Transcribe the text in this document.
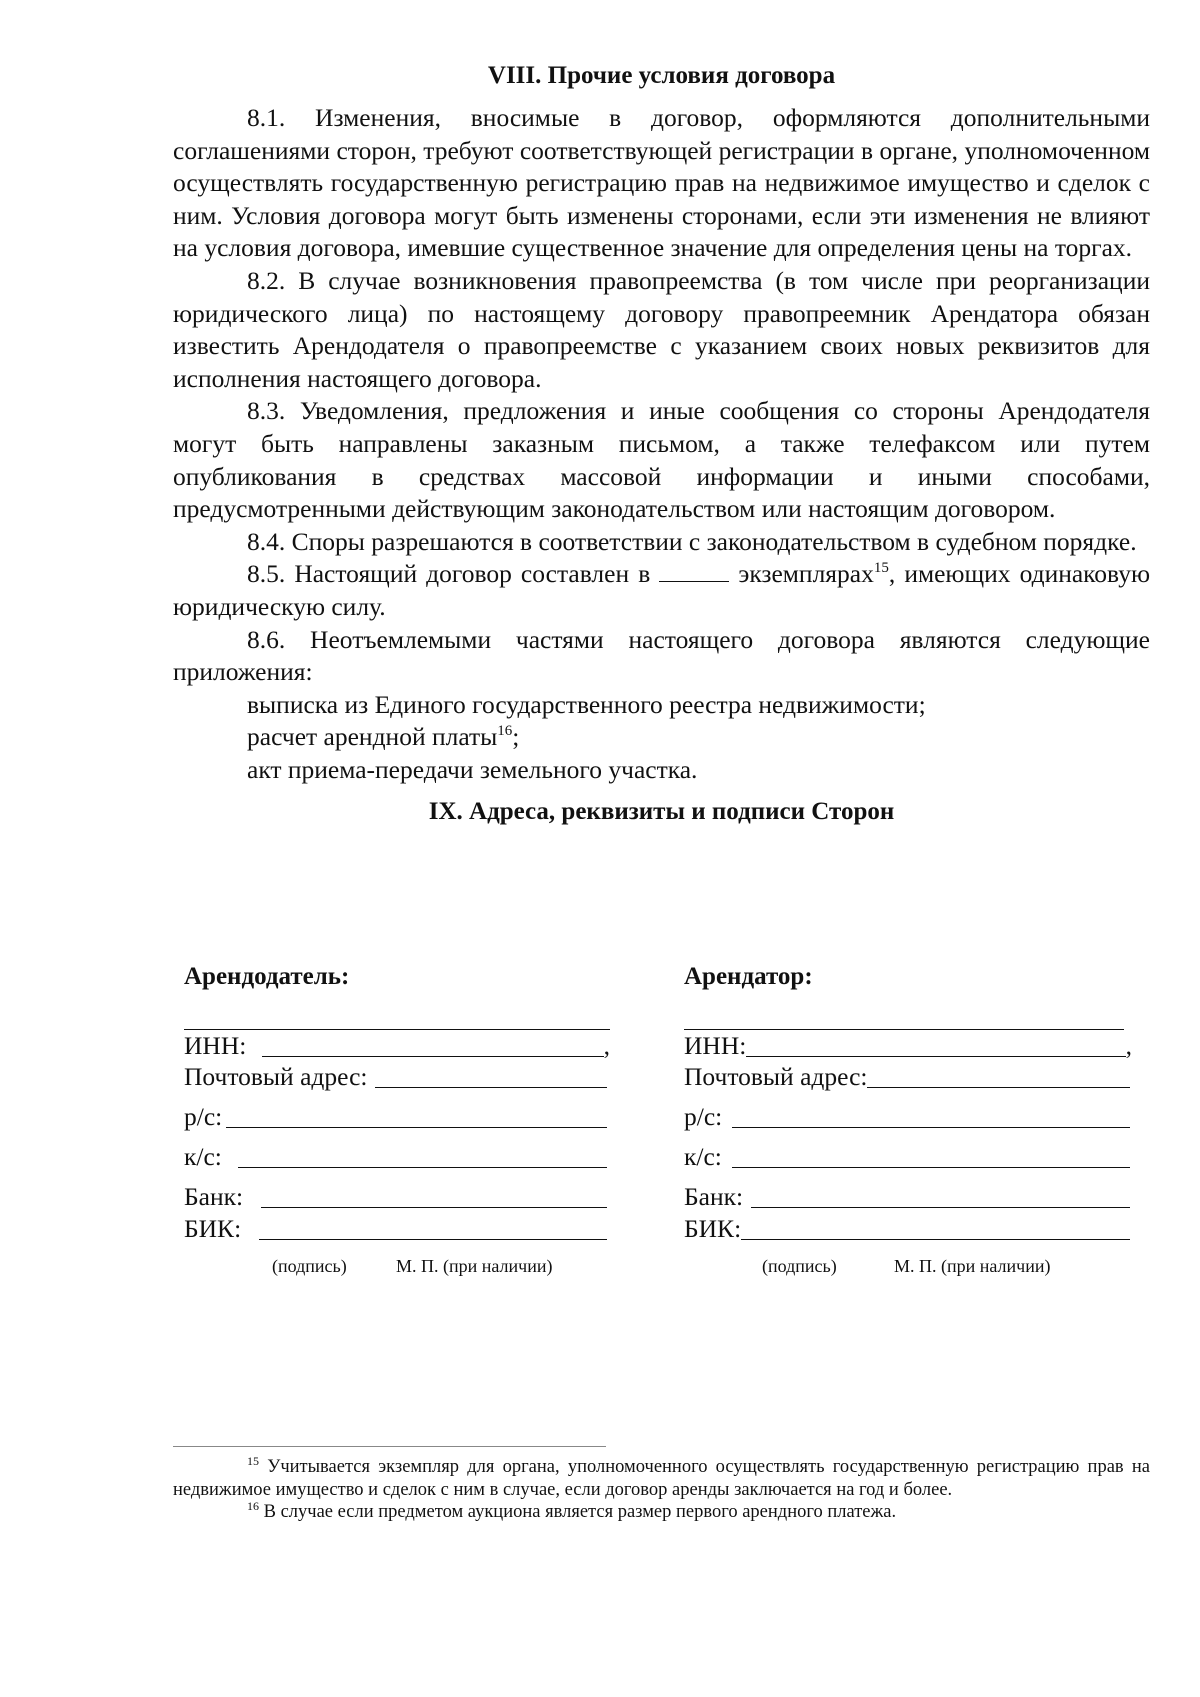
VIII. Прочие условия договора

8.1. Изменения, вносимые в договор, оформляются дополнительными соглашениями сторон, требуют соответствующей регистрации в органе, уполномоченном осуществлять государственную регистрацию прав на недвижимое имущество и сделок с ним. Условия договора могут быть изменены сторонами, если эти изменения не влияют на условия договора, имевшие существенное значение для определения цены на торгах.

8.2. В случае возникновения правопреемства (в том числе при реорганизации юридического лица) по настоящему договору правопреемник Арендатора обязан известить Арендодателя о правопреемстве с указанием своих новых реквизитов для исполнения настоящего договора.

8.3. Уведомления, предложения и иные сообщения со стороны Арендодателя могут быть направлены заказным письмом, а также телефаксом или путем опубликования в средствах массовой информации и иными способами, предусмотренными действующим законодательством или настоящим договором.

8.4. Споры разрешаются в соответствии с законодательством в судебном порядке.

8.5. Настоящий договор составлен в	экземплярах$^{15}$, имеющих одинаковую юридическую силу.

8.6. Неотъемлемыми частями настоящего договора являются следующие приложения:

выписка из Единого государственного реестра недвижимости;

расчет арендной платы$^{16}$;

акт приема-передачи земельного участка.

IX. Адреса, реквизиты и подписи Сторон
Арендодатель:
ИНН:	,
Почтовый адрес:
р/с:
к/с:
Банк:
БИК:
(подпись)	М. П. (при наличии)
Арендатор:
ИНН:	,
Почтовый адрес:
р/с:
к/с:
Банк:
БИК:
(подпись)	М. П. (при наличии)

$^{15}$ Учитывается экземпляр для органа, уполномоченного осуществлять государственную регистрацию прав на недвижимое имущество и сделок с ним в случае, если договор аренды заключается на год и более.

$^{16}$ В случае если предметом аукциона является размер первого арендного платежа.
